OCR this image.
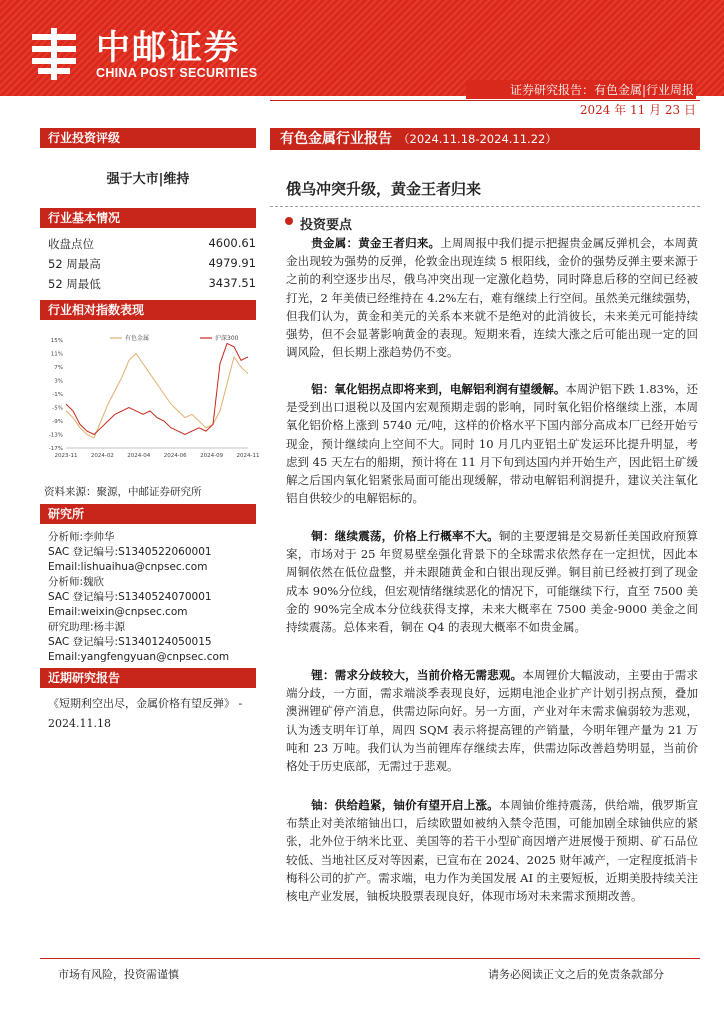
中邮证券
CHINA POST SECURITIES
证券研究报告：有色金属|行业周报
2024 年 11 月 23 日
行业投资评级
强于大市|维持
行业基本情况
收盘点位	4600.61
52 周最高	4979.91
52 周最低	3437.51
行业相对指数表现
15%
11%
7%
3%
-1%
-5%
-9%
-13%
-17%
2023-11 2024-02 2024-04 2024-06 2024-09 2024-11
有色金属	沪深300
资料来源：聚源，中邮证券研究所
研究所
分析师:李帅华
SAC 登记编号:S1340522060001
Email:lishuaihua@cnpsec.com
分析师:魏欣
SAC 登记编号:S1340524070001
Email:weixin@cnpsec.com
研究助理:杨丰源
SAC 登记编号:S1340124050015
Email:yangfengyuan@cnpsec.com
近期研究报告
《短期利空出尽，金属价格有望反弹》 - 2024.11.18
有色金属行业报告 （2024.11.18-2024.11.22）
俄乌冲突升级，黄金王者归来
投资要点
贵金属：黄金王者归来。上周周报中我们提示把握贵金属反弹机会，本周黄金出现较为强势的反弹，伦敦金出现连续 5 根阳线，金价的强势反弹主要来源于之前的利空逐步出尽，俄乌冲突出现一定激化趋势，同时降息后移的空间已经被打光，2 年美债已经维持在 4.2%左右，难有继续上行空间。虽然美元继续强势，但我们认为，黄金和美元的关系本来就不是绝对的此消彼长，未来美元可能持续强势，但不会显著影响黄金的表现。短期来看，连续大涨之后可能出现一定的回调风险，但长期上涨趋势仍不变。
铝：氧化铝拐点即将来到，电解铝利润有望缓解。本周沪铝下跌 1.83%，还是受到出口退税以及国内宏观预期走弱的影响，同时氧化铝价格继续上涨，本周氧化铝价格上涨到 5740 元/吨，这样的价格水平下国内部分高成本厂已经开始亏现金，预计继续向上空间不大。同时 10 月几内亚铝土矿发运环比提升明显，考虑到 45 天左右的船期，预计将在 11 月下旬到达国内并开始生产，因此铝土矿缓解之后国内氧化铝紧张局面可能出现缓解，带动电解铝利润提升，建议关注氧化铝自供较少的电解铝标的。
铜：继续震荡，价格上行概率不大。铜的主要逻辑是交易新任美国政府预算案，市场对于 25 年贸易壁垒强化背景下的全球需求依然存在一定担忧，因此本周铜依然在低位盘整，并未跟随黄金和白银出现反弹。铜目前已经被打到了现金成本 90%分位线，但宏观情绪继续恶化的情况下，可能继续下行，直至 7500 美金的 90%完全成本分位线获得支撑，未来大概率在 7500 美金-9000 美金之间持续震荡。总体来看，铜在 Q4 的表现大概率不如贵金属。
锂：需求分歧较大，当前价格无需悲观。本周锂价大幅波动，主要由于需求端分歧，一方面，需求端淡季表现良好，远期电池企业扩产计划引拐点预，叠加澳洲锂矿停产消息，供需边际向好。另一方面，产业对年末需求偏弱较为悲观，认为透支明年订单，周四 SQM 表示将提高锂的产销量，今明年锂产量为 21 万吨和 23 万吨。我们认为当前锂库存继续去库，供需边际改善趋势明显，当前价格处于历史底部，无需过于悲观。
铀：供给趋紧，铀价有望开启上涨。本周铀价维持震荡，供给端，俄罗斯宣布禁止对美浓缩铀出口，后续欧盟如被纳入禁令范围，可能加剧全球铀供应的紧张，北外位于纳米比亚、美国等的若干小型矿商因增产进展慢于预期、矿石品位较低、当地社区反对等因素，已宣布在 2024、2025 财年减产，一定程度抵消卡梅科公司的扩产。需求端，电力作为美国发展 AI 的主要短板，近期美股持续关注核电产业发展，铀板块股票表现良好，体现市场对未来需求预期改善。
市场有风险，投资需谨慎	请务必阅读正文之后的免责条款部分
